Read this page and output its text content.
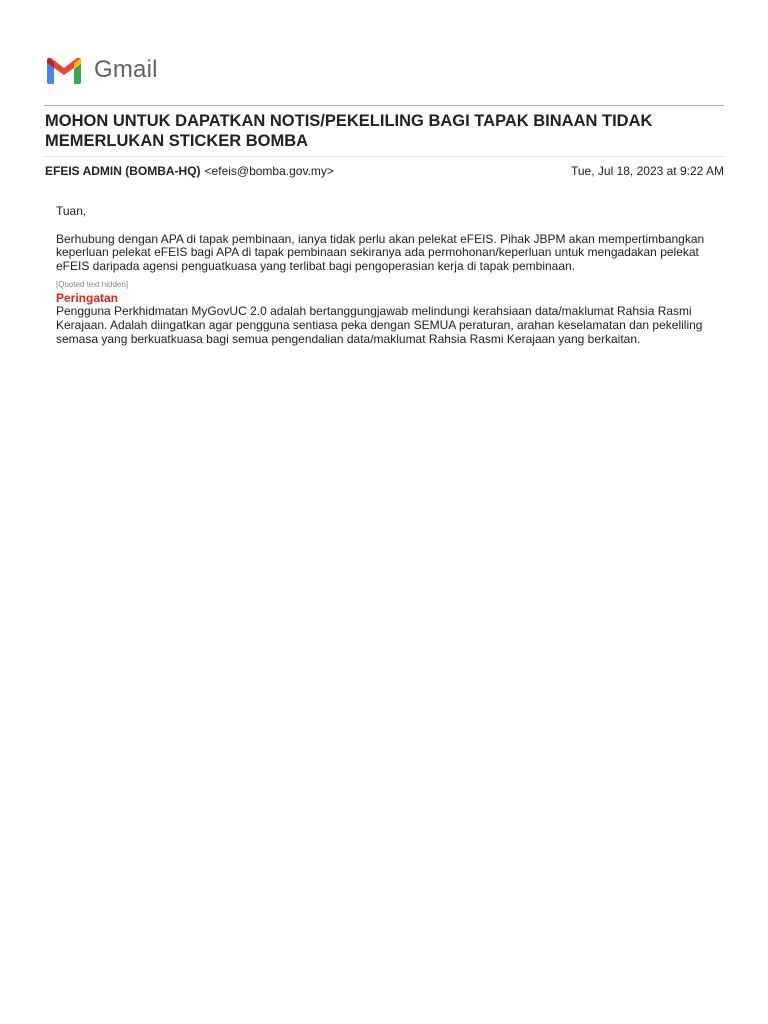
Gmail
MOHON UNTUK DAPATKAN NOTIS/PEKELILING BAGI TAPAK BINAAN TIDAK MEMERLUKAN STICKER BOMBA
EFEIS ADMIN (BOMBA-HQ) <efeis@bomba.gov.my>	Tue, Jul 18, 2023 at 9:22 AM

Tuan,

Berhubung dengan APA di tapak pembinaan, ianya tidak perlu akan pelekat eFEIS. Pihak JBPM akan mempertimbangkan keperluan pelekat eFEIS bagi APA di tapak pembinaan sekiranya ada permohonan/keperluan untuk mengadakan pelekat eFEIS daripada agensi penguatkuasa yang terlibat bagi pengoperasian kerja di tapak pembinaan.

[Quoted text hidden]
Peringatan

Pengguna Perkhidmatan MyGovUC 2.0 adalah bertanggungjawab melindungi kerahsiaan data/maklumat Rahsia Rasmi Kerajaan. Adalah diingatkan agar pengguna sentiasa peka dengan SEMUA peraturan, arahan keselamatan dan pekeliling semasa yang berkuatkuasa bagi semua pengendalian data/maklumat Rahsia Rasmi Kerajaan yang berkaitan.
